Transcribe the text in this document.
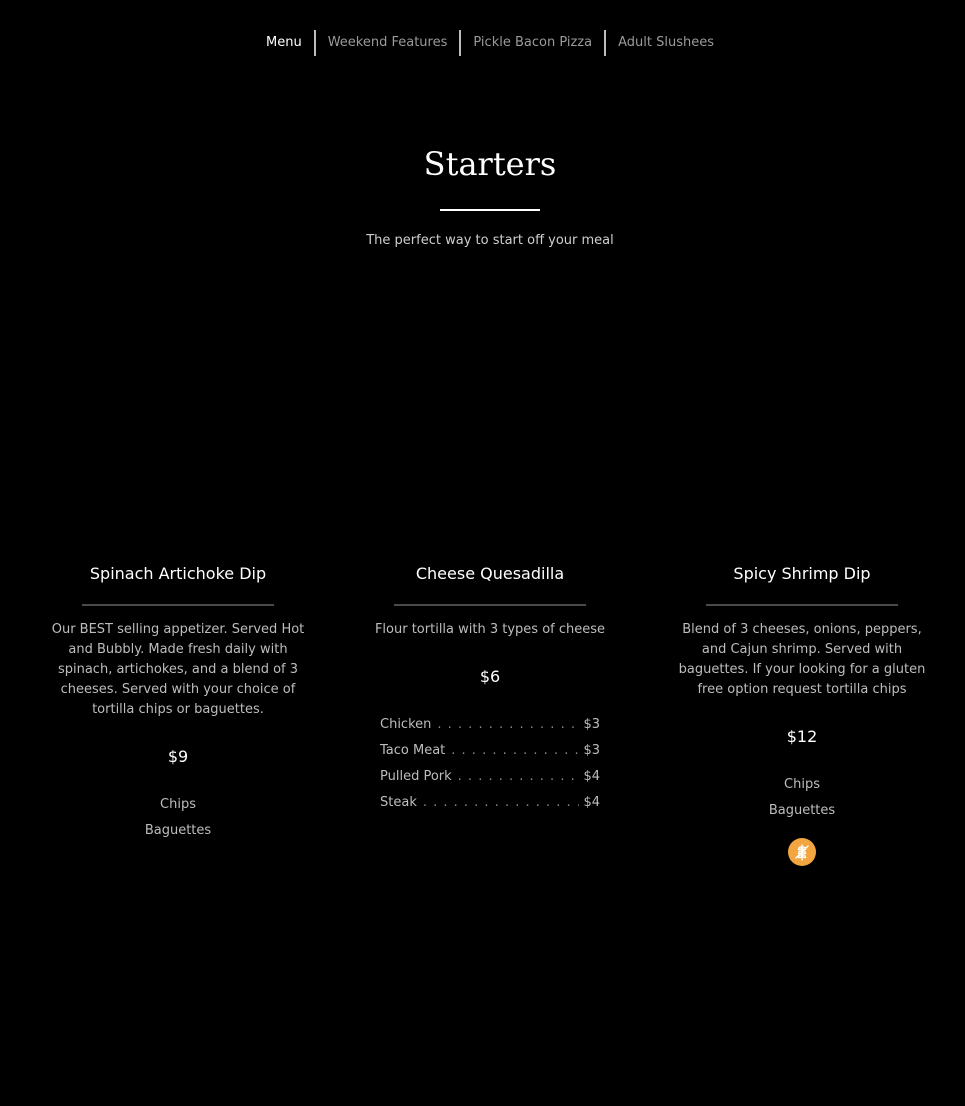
Menu	Weekend Features	Pickle Bacon Pizza	Adult Slushees
Starters
The perfect way to start off your meal
Spinach Artichoke Dip
Our BEST selling appetizer. Served Hot and Bubbly. Made fresh daily with spinach, artichokes, and a blend of 3 cheeses. Served with your choice of tortilla chips or baguettes.
$9
Chips
Baguettes
Cheese Quesadilla
Flour tortilla with 3 types of cheese
$6
Chicken . . .	$3
Taco Meat . . .	$3
Pulled Pork . . .	$4
Steak . . .	$4
Spicy Shrimp Dip
Blend of 3 cheeses, onions, peppers, and Cajun shrimp. Served with baguettes. If your looking for a gluten free option request tortilla chips
$12
Chips
Baguettes
